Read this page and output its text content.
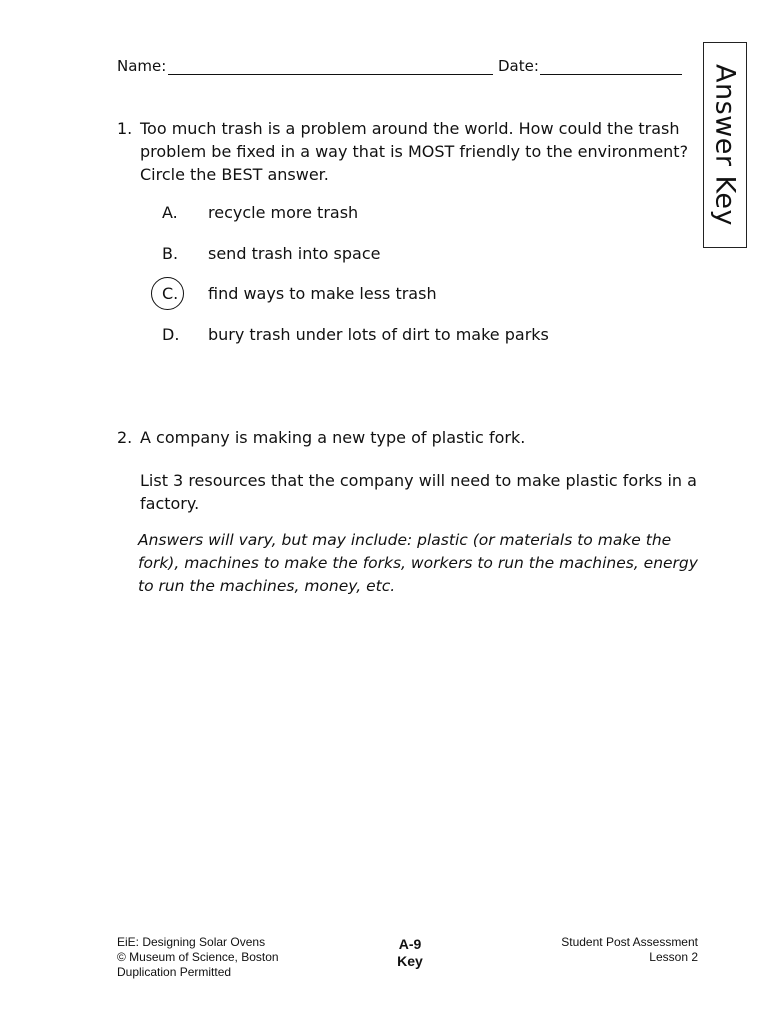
Name:	Date:	Answer Key
1. Too much trash is a problem around the world. How could the trash
problem be fixed in a way that is MOST friendly to the environment?
Circle the BEST answer.
A. recycle more trash
B. send trash into space
C. find ways to make less trash
D. bury trash under lots of dirt to make parks
2. A company is making a new type of plastic fork.
List 3 resources that the company will need to make plastic forks in a
factory.
Answers will vary, but may include: plastic (or materials to make the
fork), machines to make the forks, workers to run the machines, energy
to run the machines, money, etc.
EiE: Designing Solar Ovens
© Museum of Science, Boston
Duplication Permitted
A-9
Key
Student Post Assessment
Lesson 2
